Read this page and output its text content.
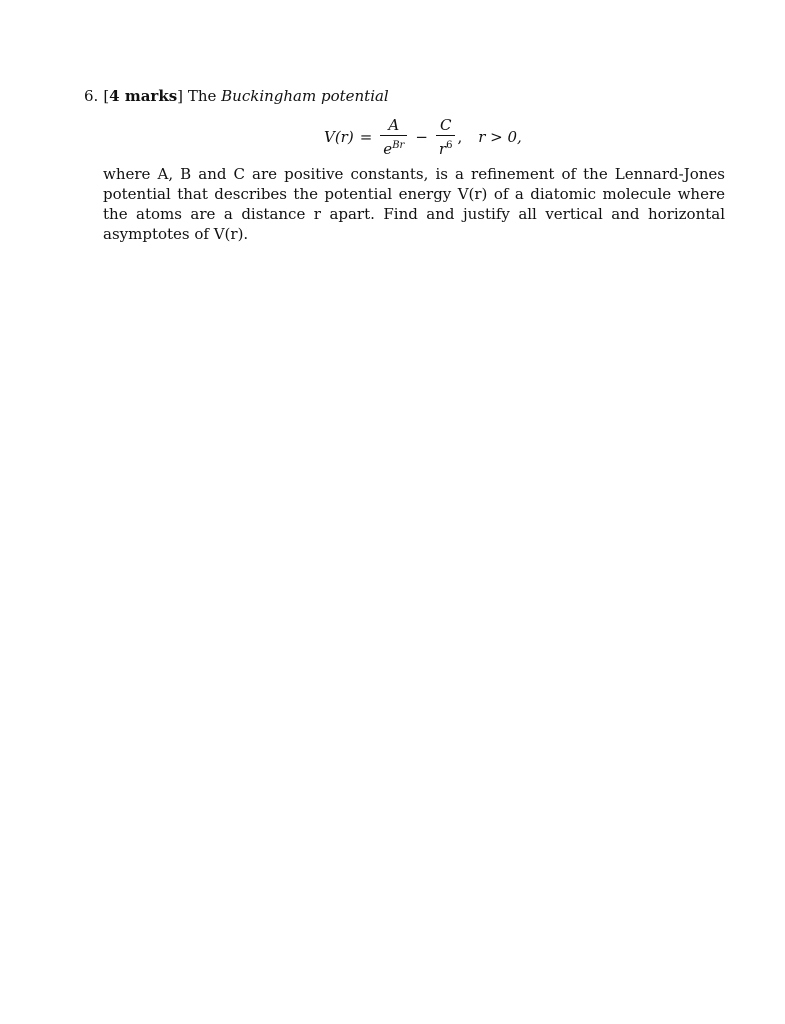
6. [4 marks] The Buckingham potential
$V(r) = \frac{A}{e^{Br}} - \frac{C}{r^6}$ , r > 0,

where A, B and C are positive constants, is a refinement of the Lennard-Jones potential that describes the potential energy V(r) of a diatomic molecule where the atoms are a distance r apart. Find and justify all vertical and horizontal asymptotes of V(r).
